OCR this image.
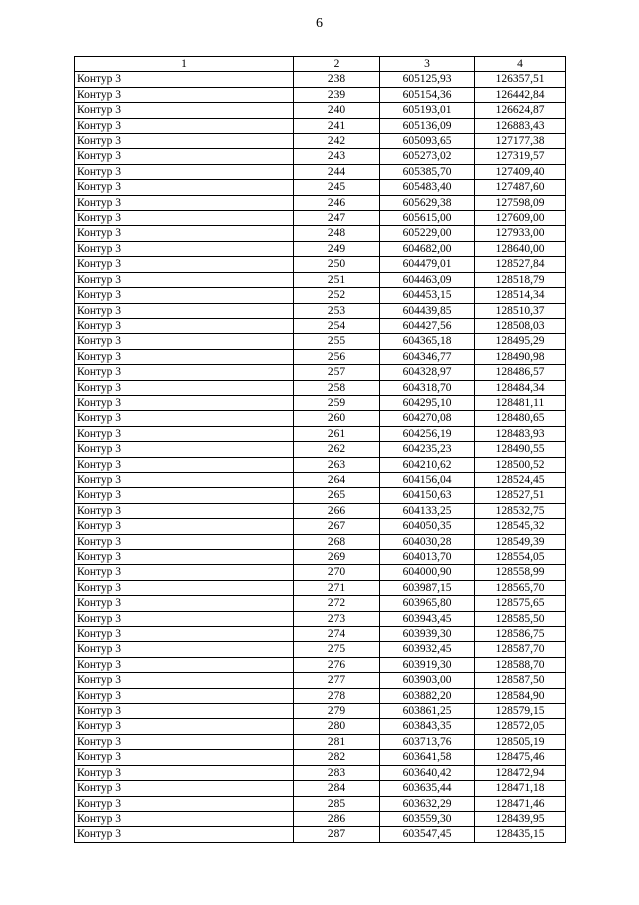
6
1	2	3	4
Контур 3	238	605125,93	126357,51
Контур 3	239	605154,36	126442,84
Контур 3	240	605193,01	126624,87
Контур 3	241	605136,09	126883,43
Контур 3	242	605093,65	127177,38
Контур 3	243	605273,02	127319,57
Контур 3	244	605385,70	127409,40
Контур 3	245	605483,40	127487,60
Контур 3	246	605629,38	127598,09
Контур 3	247	605615,00	127609,00
Контур 3	248	605229,00	127933,00
Контур 3	249	604682,00	128640,00
Контур 3	250	604479,01	128527,84
Контур 3	251	604463,09	128518,79
Контур 3	252	604453,15	128514,34
Контур 3	253	604439,85	128510,37
Контур 3	254	604427,56	128508,03
Контур 3	255	604365,18	128495,29
Контур 3	256	604346,77	128490,98
Контур 3	257	604328,97	128486,57
Контур 3	258	604318,70	128484,34
Контур 3	259	604295,10	128481,11
Контур 3	260	604270,08	128480,65
Контур 3	261	604256,19	128483,93
Контур 3	262	604235,23	128490,55
Контур 3	263	604210,62	128500,52
Контур 3	264	604156,04	128524,45
Контур 3	265	604150,63	128527,51
Контур 3	266	604133,25	128532,75
Контур 3	267	604050,35	128545,32
Контур 3	268	604030,28	128549,39
Контур 3	269	604013,70	128554,05
Контур 3	270	604000,90	128558,99
Контур 3	271	603987,15	128565,70
Контур 3	272	603965,80	128575,65
Контур 3	273	603943,45	128585,50
Контур 3	274	603939,30	128586,75
Контур 3	275	603932,45	128587,70
Контур 3	276	603919,30	128588,70
Контур 3	277	603903,00	128587,50
Контур 3	278	603882,20	128584,90
Контур 3	279	603861,25	128579,15
Контур 3	280	603843,35	128572,05
Контур 3	281	603713,76	128505,19
Контур 3	282	603641,58	128475,46
Контур 3	283	603640,42	128472,94
Контур 3	284	603635,44	128471,18
Контур 3	285	603632,29	128471,46
Контур 3	286	603559,30	128439,95
Контур 3	287	603547,45	128435,15
